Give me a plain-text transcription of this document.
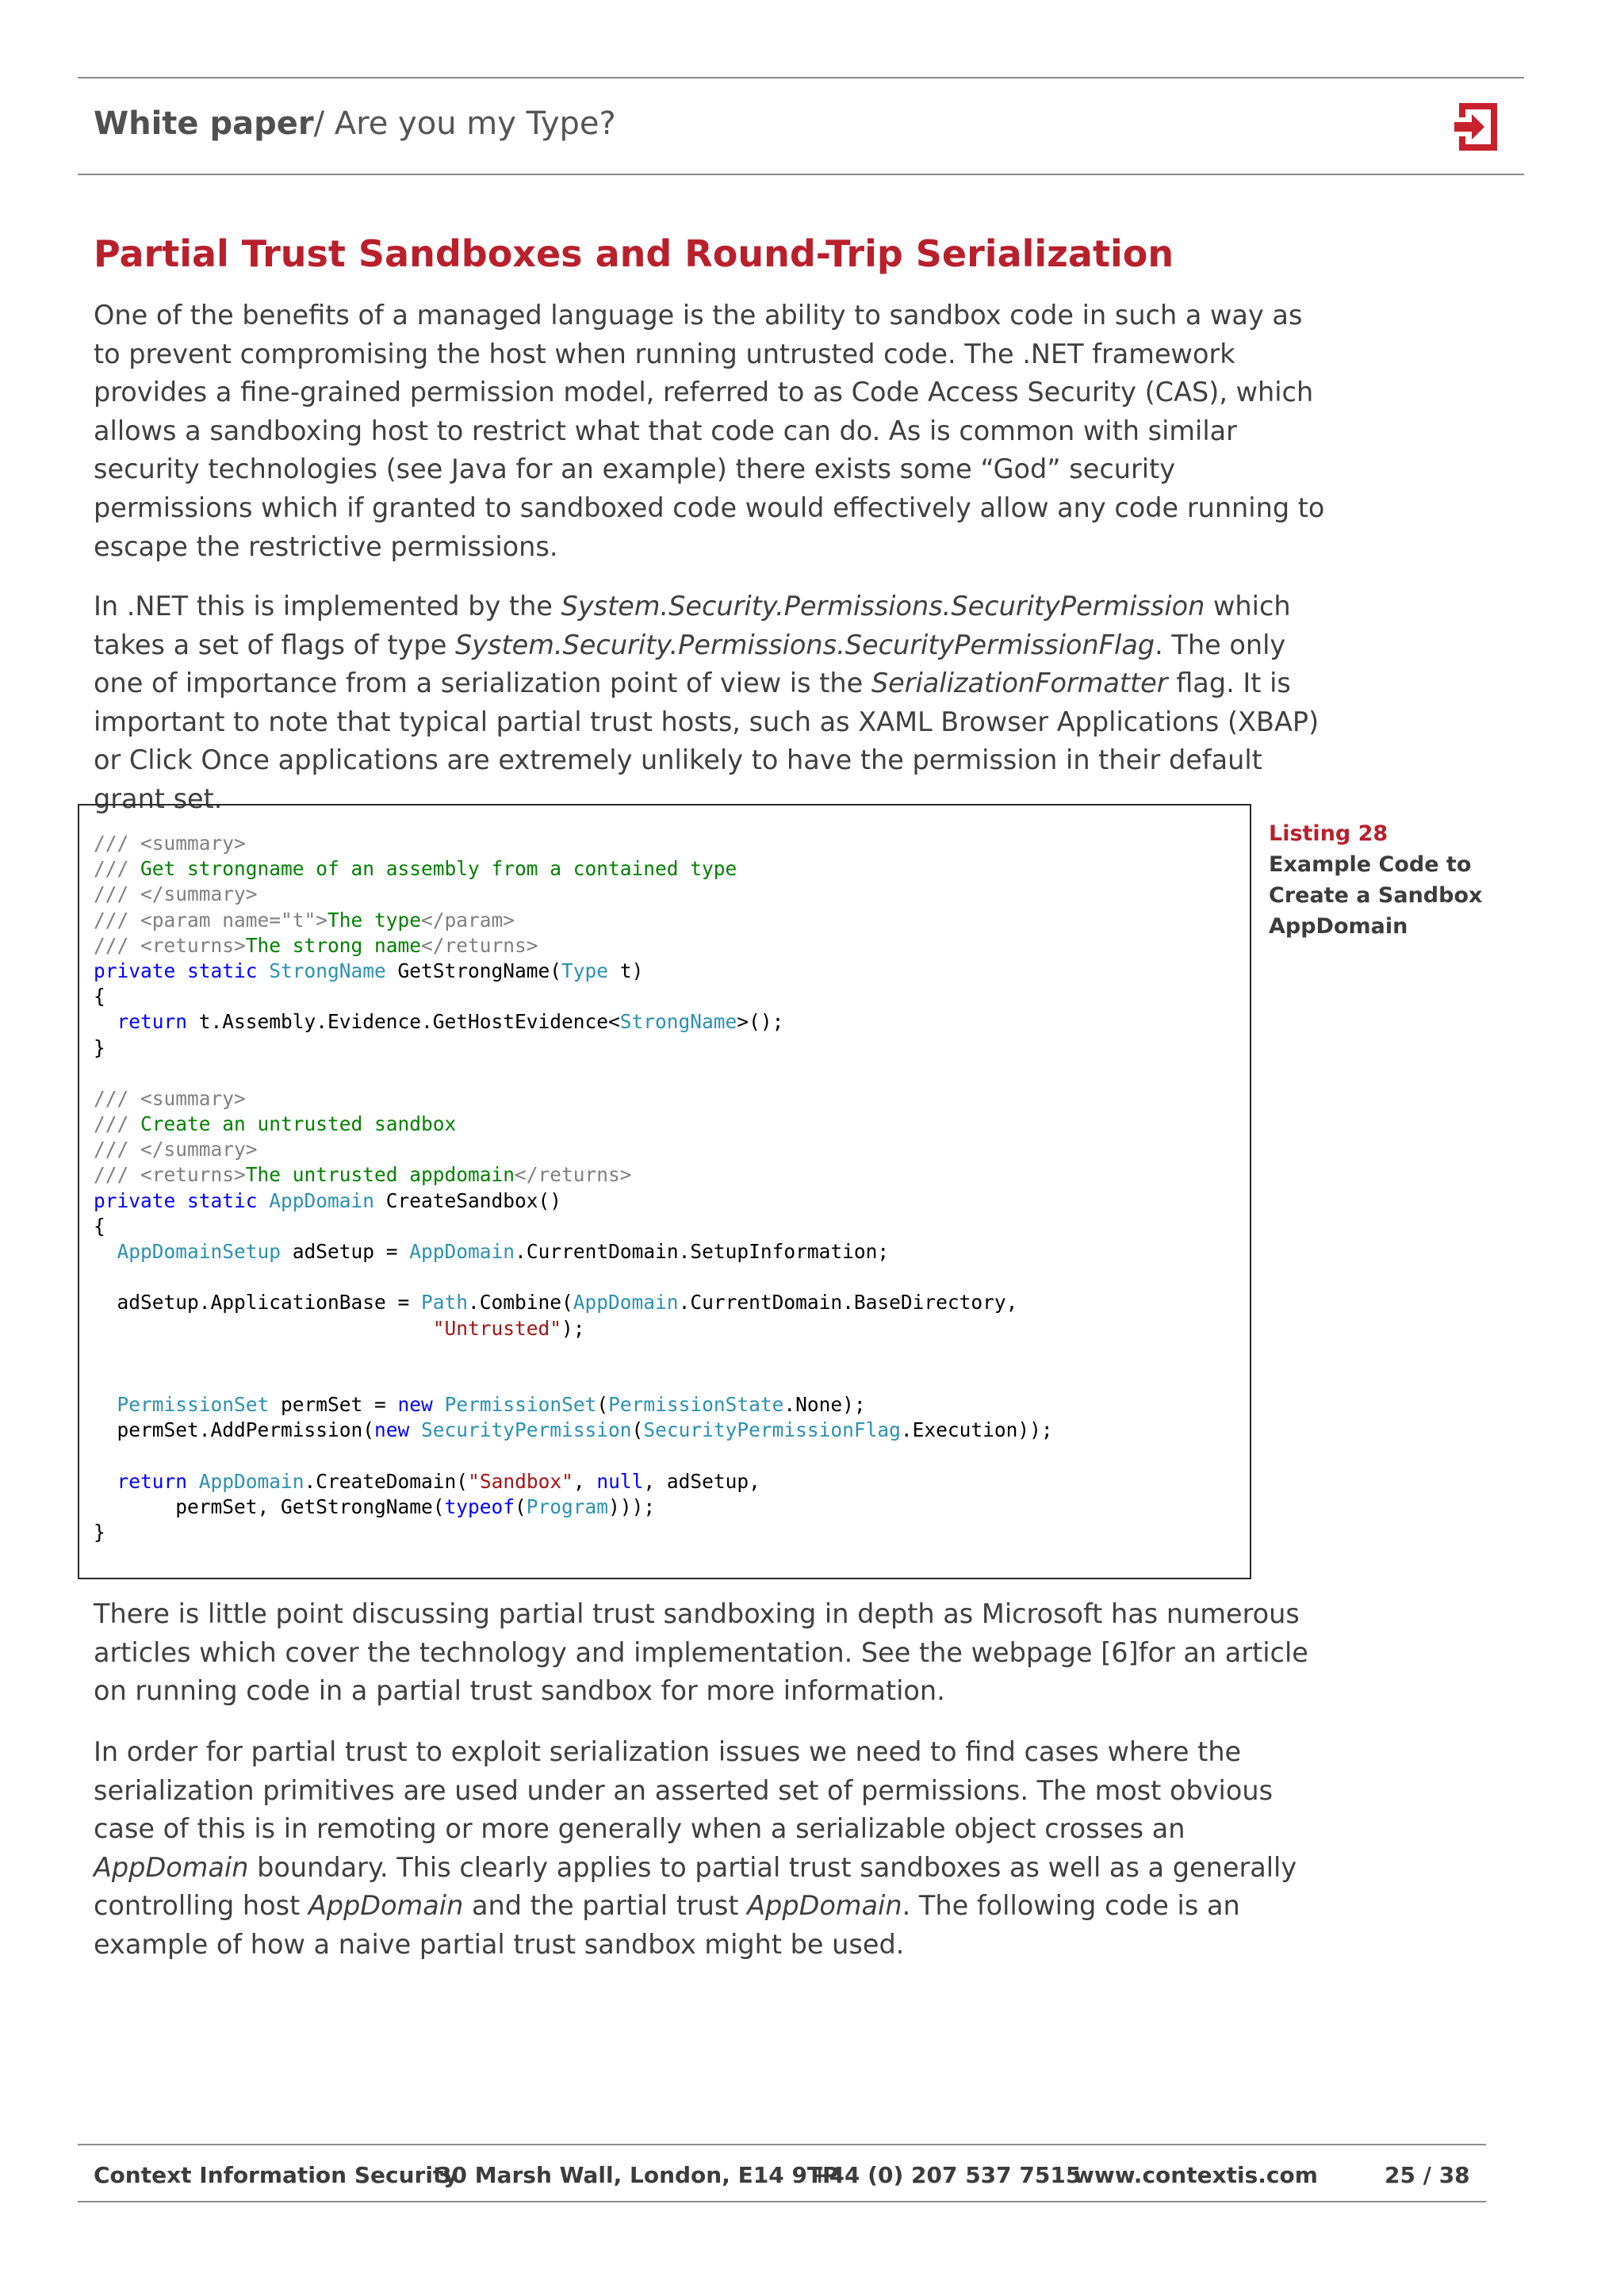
White paper/ Are you my Type?
Partial Trust Sandboxes and Round-Trip Serialization

One of the benefits of a managed language is the ability to sandbox code in such a way as to prevent compromising the host when running untrusted code. The .NET framework provides a fine-grained permission model, referred to as Code Access Security (CAS), which allows a sandboxing host to restrict what that code can do. As is common with similar security technologies (see Java for an example) there exists some “God” security permissions which if granted to sandboxed code would effectively allow any code running to escape the restrictive permissions.

In .NET this is implemented by the System.Security.Permissions.SecurityPermission which takes a set of flags of type System.Security.Permissions.SecurityPermissionFlag. The only one of importance from a serialization point of view is the SerializationFormatter flag. It is important to note that typical partial trust hosts, such as XAML Browser Applications (XBAP) or Click Once applications are extremely unlikely to have the permission in their default grant set.

/// <summary>
/// Get strongname of an assembly from a contained type
/// </summary>
/// <param name="t">The type</param>
/// <returns>The strong name</returns>
private static StrongName GetStrongName(Type t)
{
return t.Assembly.Evidence.GetHostEvidence<StrongName>();
}

/// <summary>
/// Create an untrusted sandbox
/// </summary>
/// <returns>The untrusted appdomain</returns>
private static AppDomain CreateSandbox()
{
AppDomainSetup adSetup = AppDomain.CurrentDomain.SetupInformation;

adSetup.ApplicationBase = Path.Combine(AppDomain.CurrentDomain.BaseDirectory,
"Untrusted");

PermissionSet permSet = new PermissionSet(PermissionState.None);
permSet.AddPermission(new SecurityPermission(SecurityPermissionFlag.Execution));

return AppDomain.CreateDomain("Sandbox", null, adSetup,
permSet, GetStrongName(typeof(Program)));
}
Listing 28
Example Code to Create a Sandbox AppDomain

There is little point discussing partial trust sandboxing in depth as Microsoft has numerous articles which cover the technology and implementation. See the webpage [6]for an article on running code in a partial trust sandbox for more information.

In order for partial trust to exploit serialization issues we need to find cases where the serialization primitives are used under an asserted set of permissions. The most obvious case of this is in remoting or more generally when a serializable object crosses an AppDomain boundary. This clearly applies to partial trust sandboxes as well as a generally controlling host AppDomain and the partial trust AppDomain. The following code is an example of how a naive partial trust sandbox might be used.

Context Information Security
30 Marsh Wall, London, E14 9TP
+44 (0) 207 537 7515
www.contextis.com	25 / 38
